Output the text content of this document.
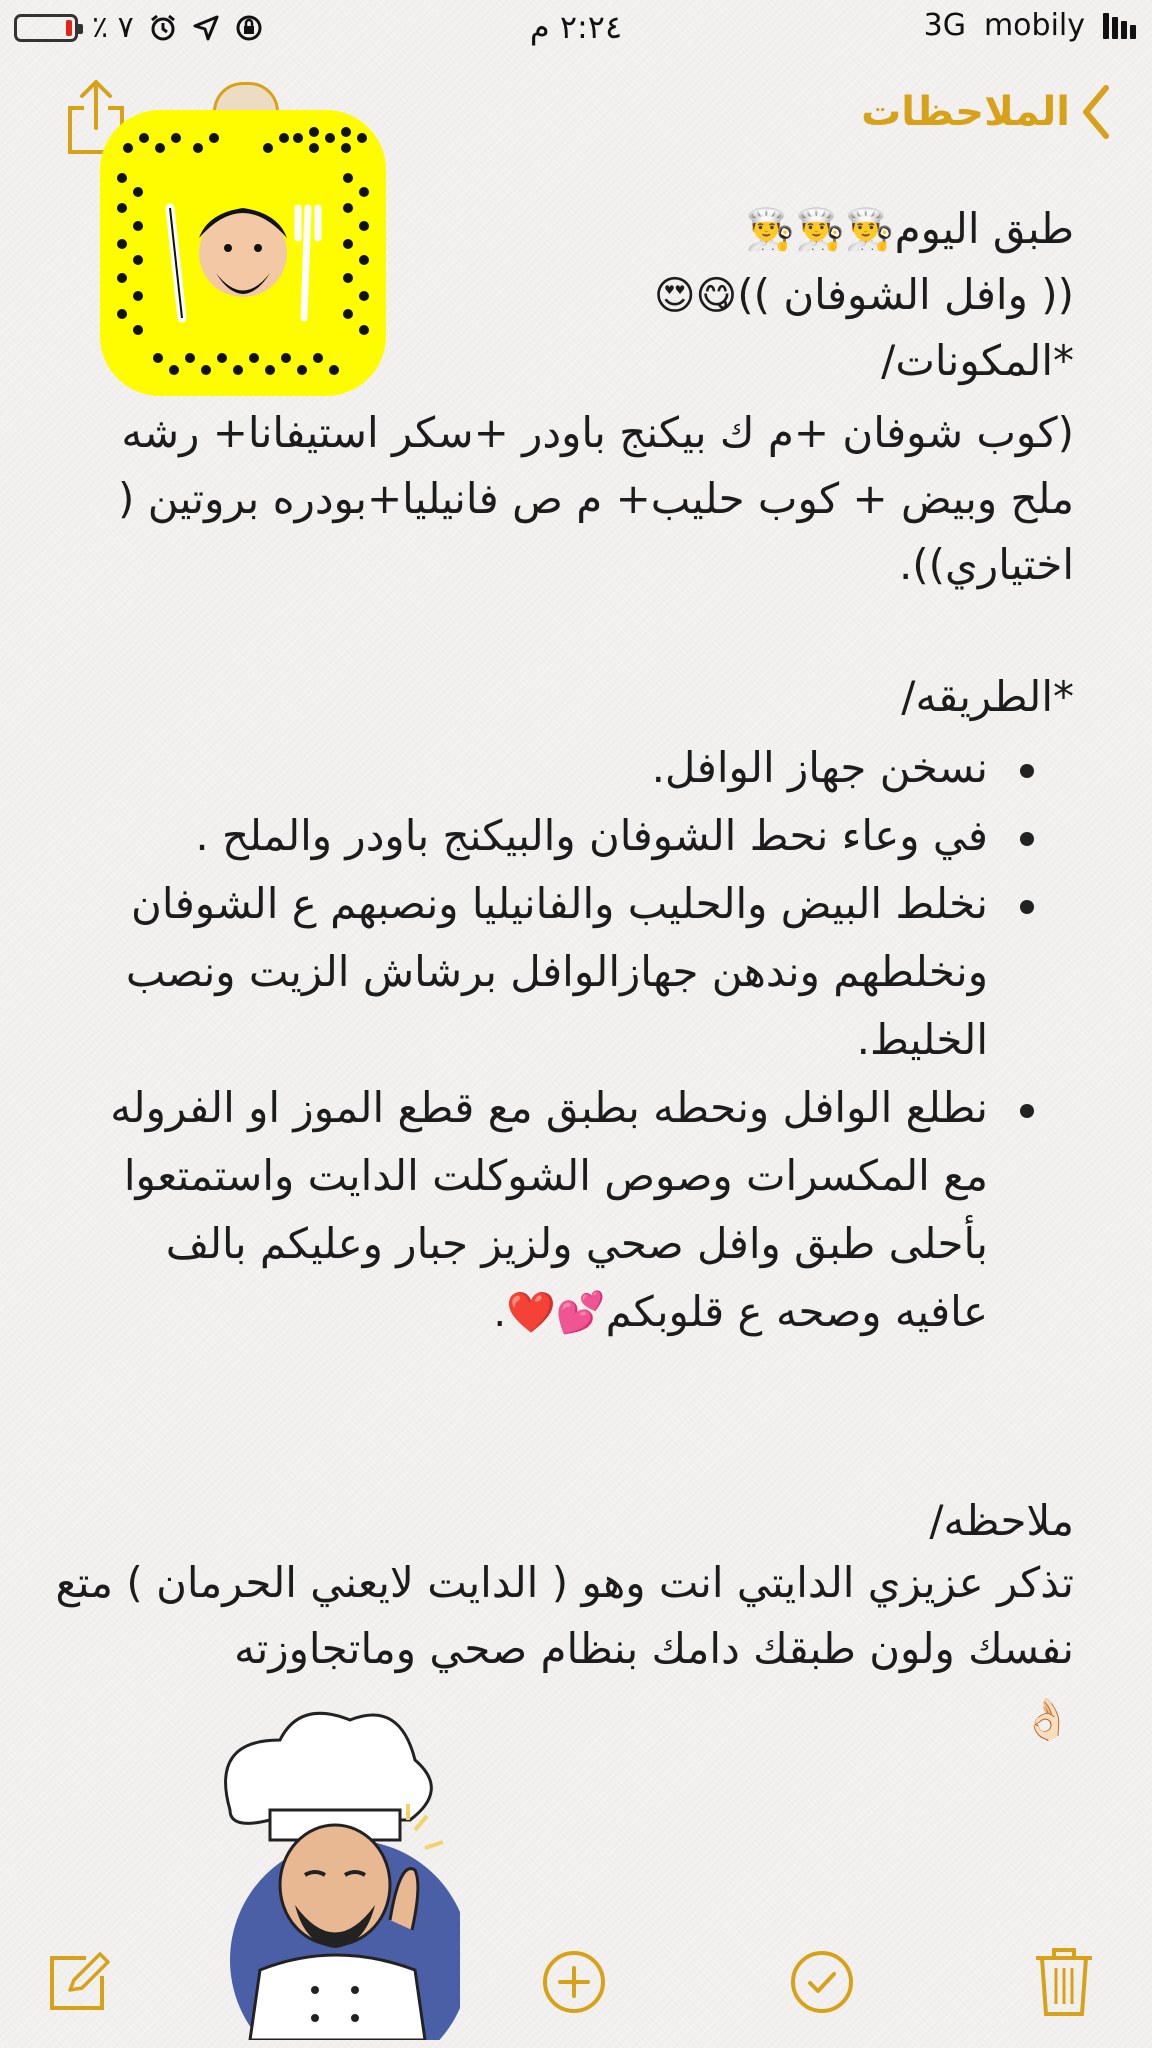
٪ ٧	٢:٢٤ م	3G mobily
الملاحظات
طبق اليوم👨‍🍳👨‍🍳👨‍🍳
(( وافل الشوفان ))😋😍
*المكونات/
(كوب شوفان +م ك بيكنج باودر +سكر استيفانا+ رشه ملح وبيض + كوب حليب+ م ص فانيليا+بودره بروتين ( اختياري)).
*الطريقه/
نسخن جهاز الوافل.
في وعاء نحط الشوفان والبيكنج باودر والملح .
نخلط البيض والحليب والفانيليا ونصبهم ع الشوفان ونخلطهم وندهن جهازالوافل برشاش الزيت ونصب الخليط.
نطلع الوافل ونحطه بطبق مع قطع الموز او الفروله مع المكسرات وصوص الشوكلت الدايت واستمتعوا بأحلى طبق وافل صحي ولزيز جبار وعليكم بالف عافيه وصحه ع قلوبكم💕❤️.
ملاحظه/
تذكر عزيزي الدايتي انت وهو ( الدايت لايعني الحرمان ) متع نفسك ولون طبقك دامك بنظام صحي وماتجاوزته
👌🏻
